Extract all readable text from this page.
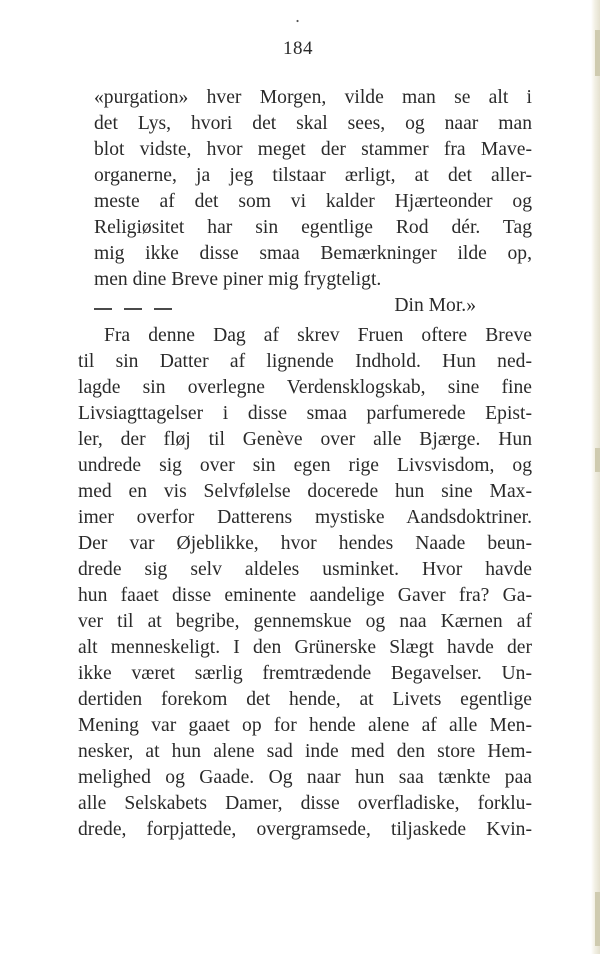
•
184
«purgation» hver Morgen, vilde man se alt i
det Lys, hvori det skal sees, og naar man
blot vidste, hvor meget der stammer fra Mave-
organerne, ja jeg tilstaar ærligt, at det aller-
meste af det som vi kalder Hjærteonder og
Religiøsitet har sin egentlige Rod dér. Tag
mig ikke disse smaa Bemærkninger ilde op,
men dine Breve piner mig frygteligt.
Din Mor.»
Fra denne Dag af skrev Fruen oftere Breve
til sin Datter af lignende Indhold. Hun ned-
lagde sin overlegne Verdensklogskab, sine fine
Livsiagttagelser i disse smaa parfumerede Epist-
ler, der fløj til Genève over alle Bjærge. Hun
undrede sig over sin egen rige Livsvisdom, og
med en vis Selvfølelse docerede hun sine Max-
imer overfor Datterens mystiske Aandsdoktriner.
Der var Øjeblikke, hvor hendes Naade beun-
drede sig selv aldeles usminket. Hvor havde
hun faaet disse eminente aandelige Gaver fra? Ga-
ver til at begribe, gennemskue og naa Kærnen af
alt menneskeligt. I den Grünerske Slægt havde der
ikke været særlig fremtrædende Begavelser. Un-
dertiden forekom det hende, at Livets egentlige
Mening var gaaet op for hende alene af alle Men-
nesker, at hun alene sad inde med den store Hem-
melighed og Gaade. Og naar hun saa tænkte paa
alle Selskabets Damer, disse overfladiske, forklu-
drede, forpjattede, overgramsede, tiljaskede Kvin-
